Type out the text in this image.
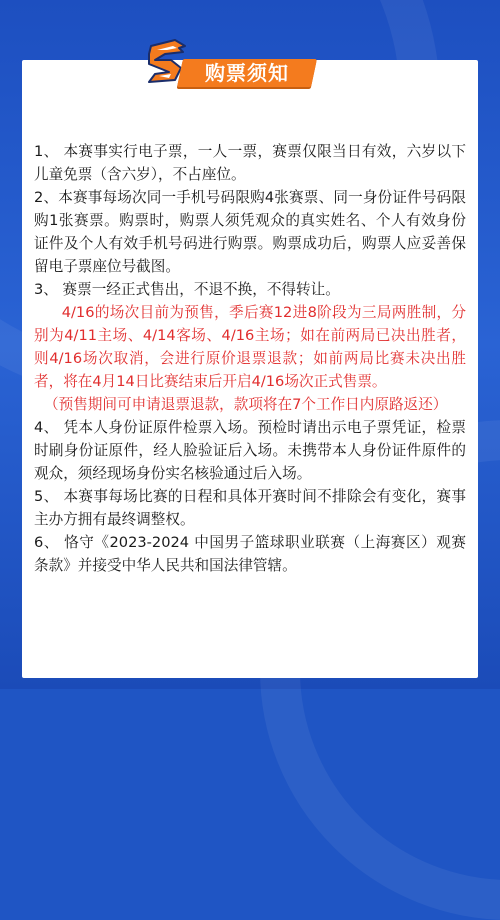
购票须知

1、 本赛事实行电子票，一人一票，赛票仅限当日有效，六岁以下儿童免票（含六岁），不占座位。

2、本赛事每场次同一手机号码限购4张赛票、同一身份证件号码限购1张赛票。购票时，购票人须凭观众的真实姓名、个人有效身份证件及个人有效手机号码进行购票。购票成功后，购票人应妥善保留电子票座位号截图。

3、 赛票一经正式售出，不退不换，不得转让。

4/16的场次目前为预售，季后赛12进8阶段为三局两胜制，分别为4/11主场、4/14客场、4/16主场；如在前两局已决出胜者，则4/16场次取消，会进行原价退票退款；如前两局比赛未决出胜者，将在4月14日比赛结束后开启4/16场次正式售票。

（预售期间可申请退票退款，款项将在7个工作日内原路返还）

4、 凭本人身份证原件检票入场。预检时请出示电子票凭证，检票时刷身份证原件，经人脸验证后入场。未携带本人身份证件原件的观众，须经现场身份实名核验通过后入场。

5、 本赛事每场比赛的日程和具体开赛时间不排除会有变化，赛事主办方拥有最终调整权。

6、 恪守《2023-2024 中国男子篮球职业联赛（上海赛区）观赛条款》并接受中华人民共和国法律管辖。
